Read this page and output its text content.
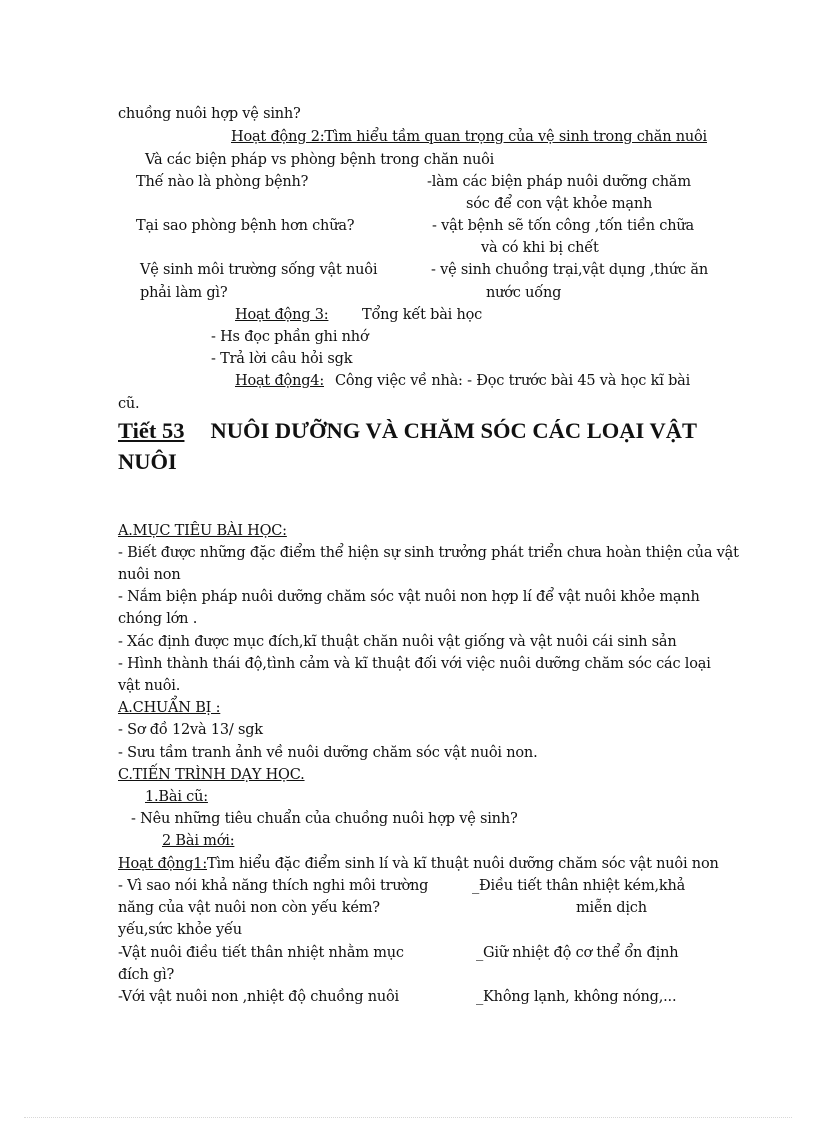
chuồng nuôi hợp vệ sinh?
Hoạt động 2:Tìm hiểu tầm quan trọng của vệ sinh trong chăn nuôi
Và các biện pháp vs phòng bệnh trong chăn nuôi
Thế nào là phòng bệnh?	-làm các biện pháp nuôi dưỡng chăm
sóc để con vật khỏe mạnh
Tại sao phòng bệnh hơn chữa?	- vật bệnh sẽ tốn công ,tốn tiền chữa
và có khi bị chết
Vệ sinh môi trường sống vật nuôi	- vệ sinh chuồng trại,vật dụng ,thức ăn
phải làm gì?	nước uống
Hoạt động 3: Tổng kết bài học
- Hs đọc phần ghi nhớ
- Trả lời câu hỏi sgk
Hoạt động4: Công việc về nhà: - Đọc trước bài 45 và học kĩ bài
cũ.
Tiết 53 NUÔI DƯỠNG VÀ CHĂM SÓC CÁC LOẠI VẬT
NUÔI
A.MỤC TIÊU BÀI HỌC:
- Biết được những đặc điểm thể hiện sự sinh trưởng phát triển chưa hoàn thiện của vật
nuôi non
- Nắm biện pháp nuôi dưỡng chăm sóc vật nuôi non hợp lí để vật nuôi khỏe mạnh
chóng lớn .
- Xác định được mục đích,kĩ thuật chăn nuôi vật giống và vật nuôi cái sinh sản
- Hình thành thái độ,tình cảm và kĩ thuật đối với việc nuôi dưỡng chăm sóc các loại
vật nuôi.
A.CHUẨN BỊ :
- Sơ đồ 12và 13/ sgk
- Sưu tầm tranh ảnh về nuôi dưỡng chăm sóc vật nuôi non.
C.TIẾN TRÌNH DẠY HỌC.
1.Bài cũ:
- Nêu những tiêu chuẩn của chuồng nuôi hợp vệ sinh?
2 Bài mới:
Hoạt động1:Tìm hiểu đặc điểm sinh lí và kĩ thuật nuôi dưỡng chăm sóc vật nuôi non
- Vì sao nói khả năng thích nghi môi trường	_Điều tiết thân nhiệt kém,khả
năng của vật nuôi non còn yếu kém?	miễn dịch
yếu,sức khỏe yếu
-Vật nuôi điều tiết thân nhiệt nhằm mục	_Giữ nhiệt độ cơ thể ổn định
đích gì?
-Với vật nuôi non ,nhiệt độ chuồng nuôi	_Không lạnh, không nóng,...
